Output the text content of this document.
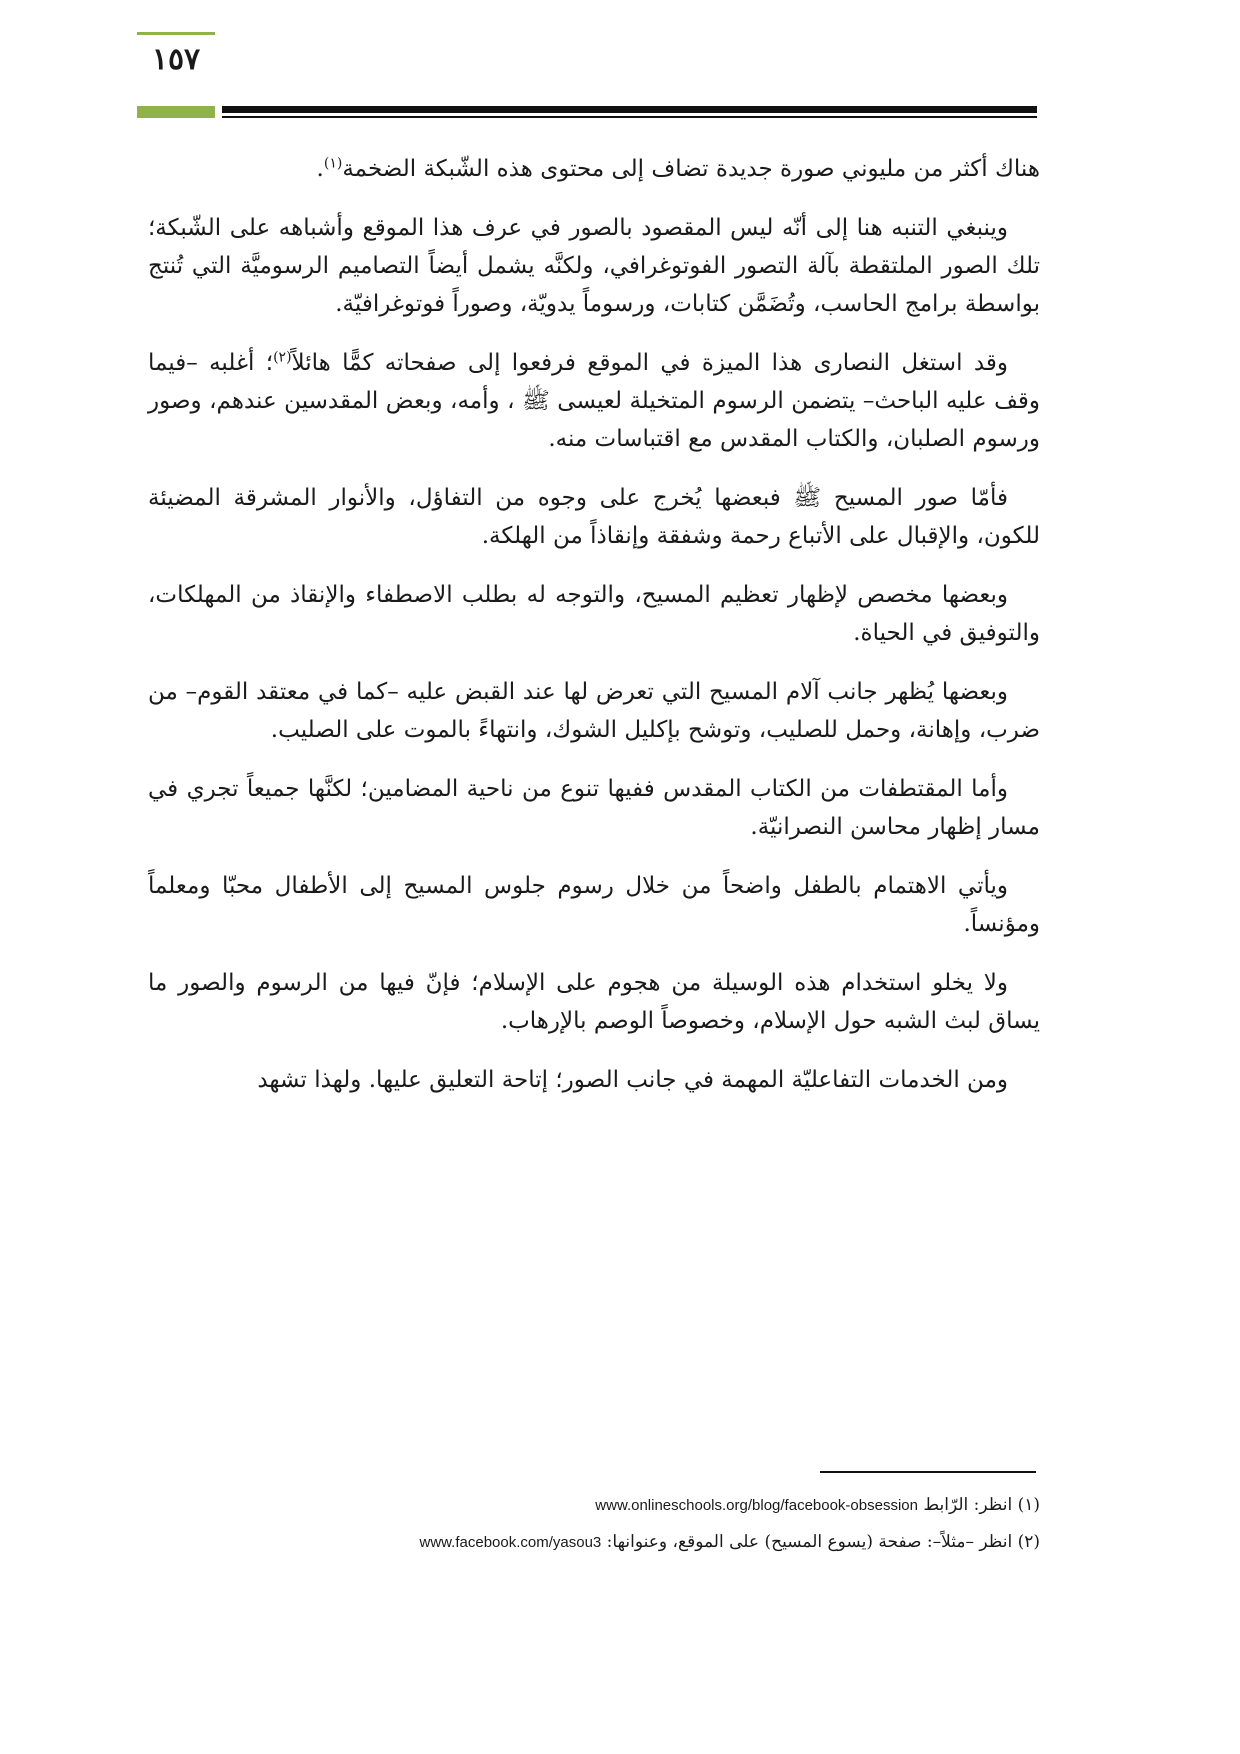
١٥٧

هناك أكثر من مليوني صورة جديدة تضاف إلى محتوى هذه الشّبكة الضخمة$^{(١)}$.

وينبغي التنبه هنا إلى أنّه ليس المقصود بالصور في عرف هذا الموقع وأشباهه على الشّبكة؛ تلك الصور الملتقطة بآلة التصور الفوتوغرافي، ولكنَّه يشمل أيضاً التصاميم الرسوميَّة التي تُنتج بواسطة برامج الحاسب، وتُضَمَّن كتابات، ورسوماً يدويّة، وصوراً فوتوغرافيّة.

وقد استغل النصارى هذا الميزة في الموقع فرفعوا إلى صفحاته كمًّا هائلاً$^{(٢)}$؛ أغلبه –فيما وقف عليه الباحث– يتضمن الرسوم المتخيلة لعيسى ﷺ ، وأمه، وبعض المقدسين عندهم، وصور ورسوم الصلبان، والكتاب المقدس مع اقتباسات منه.

فأمّا صور المسيح ﷺ فبعضها يُخرج على وجوه من التفاؤل، والأنوار المشرقة المضيئة للكون، والإقبال على الأتباع رحمة وشفقة وإنقاذاً من الهلكة.

وبعضها مخصص لإظهار تعظيم المسيح، والتوجه له بطلب الاصطفاء والإنقاذ من المهلكات، والتوفيق في الحياة.

وبعضها يُظهر جانب آلام المسيح التي تعرض لها عند القبض عليه –كما في معتقد القوم– من ضرب، وإهانة، وحمل للصليب، وتوشح بإكليل الشوك، وانتهاءً بالموت على الصليب.

وأما المقتطفات من الكتاب المقدس ففيها تنوع من ناحية المضامين؛ لكنَّها جميعاً تجري في مسار إظهار محاسن النصرانيّة.

ويأتي الاهتمام بالطفل واضحاً من خلال رسوم جلوس المسيح إلى الأطفال محبّا ومعلماً ومؤنساً.

ولا يخلو استخدام هذه الوسيلة من هجوم على الإسلام؛ فإنّ فيها من الرسوم والصور ما يساق لبث الشبه حول الإسلام، وخصوصاً الوصم بالإرهاب.

ومن الخدمات التفاعليّة المهمة في جانب الصور؛ إتاحة التعليق عليها. ولهذا تشهد

(١) انظر: الرّابط www.onlineschools.org/blog/facebook-obsession

(٢) انظر –مثلاً–: صفحة (يسوع المسيح) على الموقع، وعنوانها: www.facebook.com/yasou3
